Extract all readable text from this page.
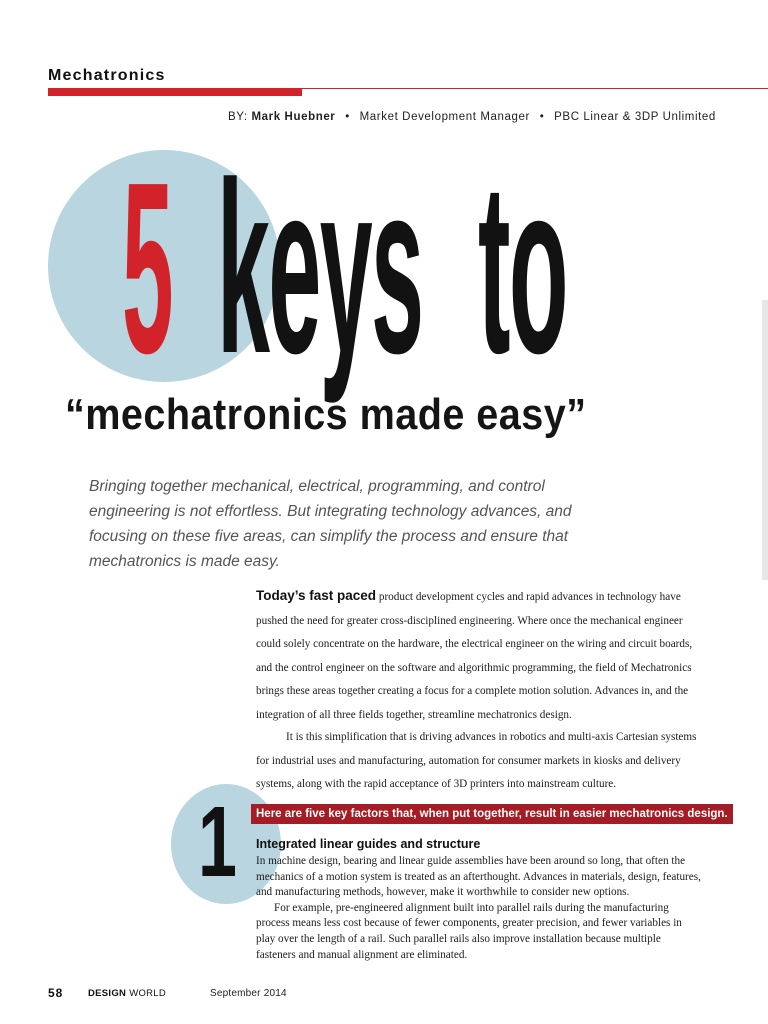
Mechatronics
BY: Mark Huebner • Market Development Manager • PBC Linear & 3DP Unlimited
5 keys to
“mechatronics made easy”
Bringing together mechanical, electrical, programming, and control engineering is not effortless. But integrating technology advances, and focusing on these five areas, can simplify the process and ensure that mechatronics is made easy.

Today’s fast paced product development cycles and rapid advances in technology have pushed the need for greater cross-disciplined engineering. Where once the mechanical engineer could solely concentrate on the hardware, the electrical engineer on the wiring and circuit boards, and the control engineer on the software and algorithmic programming, the field of Mechatronics brings these areas together creating a focus for a complete motion solution. Advances in, and the integration of all three fields together, streamline mechatronics design.

It is this simplification that is driving advances in robotics and multi-axis Cartesian systems for industrial uses and manufacturing, automation for consumer markets in kiosks and delivery systems, along with the rapid acceptance of 3D printers into mainstream culture.

1	Here are five key factors that, when put together, result in easier mechatronics design.
Integrated linear guides and structure

In machine design, bearing and linear guide assemblies have been around so long, that often the mechanics of a motion system is treated as an afterthought. Advances in materials, design, features, and manufacturing methods, however, make it worthwhile to consider new options.

For example, pre-engineered alignment built into parallel rails during the manufacturing process means less cost because of fewer components, greater precision, and fewer variables in play over the length of a rail. Such parallel rails also improve installation because multiple fasteners and manual alignment are eliminated.

58	DESIGN WORLD	September 2014
